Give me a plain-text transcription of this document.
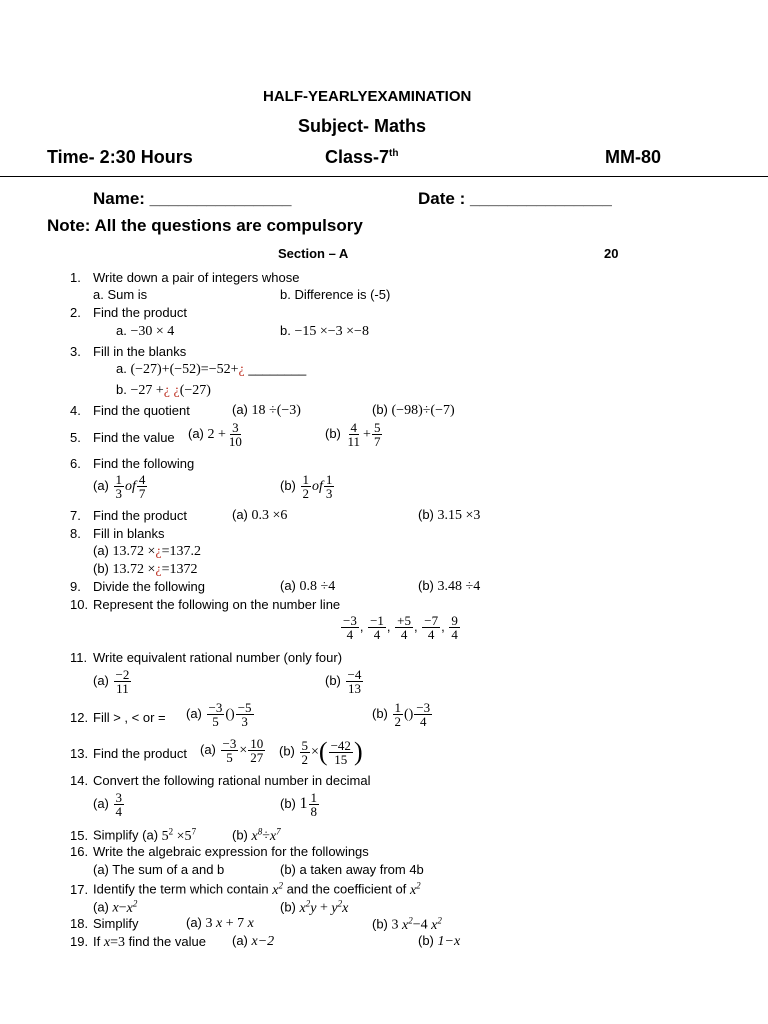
HALF-YEARLYEXAMINATION
Subject- Maths
Time- 2:30 Hours	Class-7th	MM-80
Name: _______________	Date : _______________
Note: All the questions are compulsory
Section – A	20
1. Write down a pair of integers whose
a. Sum is	b. Difference is (-5)
2. Find the product
a. −30 × 4	b. −15 ×−3 ×−8
3. Fill in the blanks
a. (−27)+(−52)=−52+¿ ________
b. −27 +¿ ¿(−27)
4. Find the quotient	(a) 18 ÷(−3)	(b) (−98)÷(−7)
5. Find the value (a) $2 + \frac{3}{10}$	$(b) \frac{4}{11} + \frac{5}{7}$
6. Find the following
$(a) \frac{1}{3}$ of $\frac{4}{7}$	$(b) \frac{1}{2}$ of $\frac{1}{3}$
7. Find the product	(a) 0.3 ×6	(b) 3.15 ×3
8. Fill in blanks
(a) 13.72 ×¿=137.2
(b) 13.72 ×¿=1372
9. Divide the following	(a) 0.8 ÷4	(b) 3.48 ÷4
10. Represent the following on the number line
$\frac{-3}{4}$ , $\frac{-1}{4}$ , $\frac{+5}{4}$ , $\frac{-7}{4}$ , $\frac{9}{4}$
11. Write equivalent rational number (only four)
$(a) \frac{-2}{11}$	$(b) \frac{-4}{13}$
12. Fill > , < or = $(a) \frac{-3}{5}$ () $\frac{-5}{3}$	$(b) \frac{1}{2}$ () $\frac{-3}{4}$
13. Find the product $(a) \frac{-3}{5} \times \frac{10}{27} (b) \frac{5}{2}$ ×( $\frac{-42}{15}$ )
14. Convert the following rational number in decimal
$(a) \frac{3}{4}$	(b) $1 \frac{1}{8}$
15. Simplify (a) $5^2 \times 5^7$	(b) $x^8\div x^7$
16. Write the algebraic expression for the followings
(a) The sum of a and b	(b) a taken away from 4b
17. Identify the term which contain $x^2$ and the coefficient of $x^2$
(a) $x-x^2$	(b) $x^2y + y^2x$
18. Simplify	(a) 3 x + 7 x	(b) 3 $x^2-4$ $x^2$
19. If x=3 find the value (a) x−2	(b) 1−x
